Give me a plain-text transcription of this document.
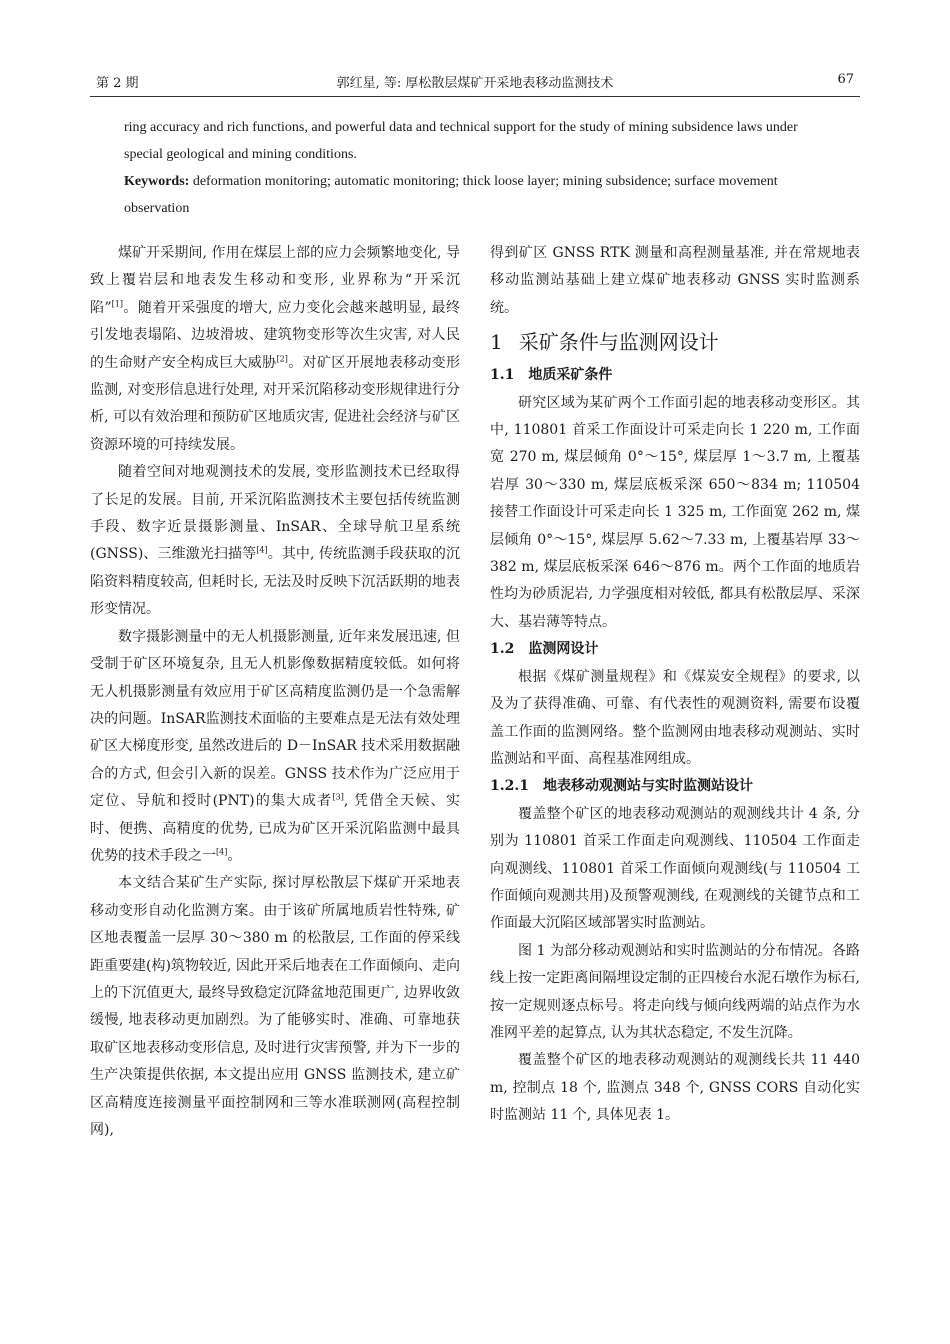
第 2 期	郭红星, 等: 厚松散层煤矿开采地表移动监测技术	67

ring accuracy and rich functions, and powerful data and technical support for the study of mining subsidence laws under special geological and mining conditions.

Keywords: deformation monitoring; automatic monitoring; thick loose layer; mining subsidence; surface movement observation

煤矿开采期间, 作用在煤层上部的应力会频繁地变化, 导致上覆岩层和地表发生移动和变形, 业界称为“开采沉陷”[1]。随着开采强度的增大, 应力变化会越来越明显, 最终引发地表塌陷、边坡滑坡、建筑物变形等次生灾害, 对人民的生命财产安全构成巨大威胁[2]。对矿区开展地表移动变形监测, 对变形信息进行处理, 对开采沉陷移动变形规律进行分析, 可以有效治理和预防矿区地质灾害, 促进社会经济与矿区资源环境的可持续发展。

随着空间对地观测技术的发展, 变形监测技术已经取得了长足的发展。目前, 开采沉陷监测技术主要包括传统监测手段、数字近景摄影测量、InSAR、全球导航卫星系统(GNSS)、三维激光扫描等[4]。其中, 传统监测手段获取的沉陷资料精度较高, 但耗时长, 无法及时反映下沉活跃期的地表形变情况。

数字摄影测量中的无人机摄影测量, 近年来发展迅速, 但受制于矿区环境复杂, 且无人机影像数据精度较低。如何将无人机摄影测量有效应用于矿区高精度监测仍是一个急需解决的问题。InSAR监测技术面临的主要难点是无法有效处理矿区大梯度形变, 虽然改进后的 D－InSAR 技术采用数据融合的方式, 但会引入新的误差。GNSS 技术作为广泛应用于定位、导航和授时(PNT)的集大成者[3], 凭借全天候、实时、便携、高精度的优势, 已成为矿区开采沉陷监测中最具优势的技术手段之一[4]。

本文结合某矿生产实际, 探讨厚松散层下煤矿开采地表移动变形自动化监测方案。由于该矿所属地质岩性特殊, 矿区地表覆盖一层厚 30～380 m 的松散层, 工作面的停采线距重要建(构)筑物较近, 因此开采后地表在工作面倾向、走向上的下沉值更大, 最终导致稳定沉降盆地范围更广, 边界收敛缓慢, 地表移动更加剧烈。为了能够实时、准确、可靠地获取矿区地表移动变形信息, 及时进行灾害预警, 并为下一步的生产决策提供依据, 本文提出应用 GNSS 监测技术, 建立矿区高精度连接测量平面控制网和三等水准联测网(高程控制网),

得到矿区 GNSS RTK 测量和高程测量基准, 并在常规地表移动监测站基础上建立煤矿地表移动 GNSS 实时监测系统。

1 采矿条件与监测网设计
1.1 地质采矿条件

研究区域为某矿两个工作面引起的地表移动变形区。其中, 110801 首采工作面设计可采走向长 1 220 m, 工作面宽 270 m, 煤层倾角 0°～15°, 煤层厚 1～3.7 m, 上覆基岩厚 30～330 m, 煤层底板采深 650～834 m; 110504 接替工作面设计可采走向长 1 325 m, 工作面宽 262 m, 煤层倾角 0°～15°, 煤层厚 5.62～7.33 m, 上覆基岩厚 33～382 m, 煤层底板采深 646～876 m。两个工作面的地质岩性均为砂质泥岩, 力学强度相对较低, 都具有松散层厚、采深大、基岩薄等特点。

1.2 监测网设计

根据《煤矿测量规程》和《煤炭安全规程》的要求, 以及为了获得准确、可靠、有代表性的观测资料, 需要布设覆盖工作面的监测网络。整个监测网由地表移动观测站、实时监测站和平面、高程基准网组成。

1.2.1 地表移动观测站与实时监测站设计

覆盖整个矿区的地表移动观测站的观测线共计 4 条, 分别为 110801 首采工作面走向观测线、110504 工作面走向观测线、110801 首采工作面倾向观测线(与 110504 工作面倾向观测共用)及预警观测线, 在观测线的关键节点和工作面最大沉陷区域部署实时监测站。

图 1 为部分移动观测站和实时监测站的分布情况。各路线上按一定距离间隔埋设定制的正四棱台水泥石墩作为标石, 按一定规则逐点标号。将走向线与倾向线两端的站点作为水准网平差的起算点, 认为其状态稳定, 不发生沉降。

覆盖整个矿区的地表移动观测站的观测线长共 11 440 m, 控制点 18 个, 监测点 348 个, GNSS CORS 自动化实时监测站 11 个, 具体见表 1。
